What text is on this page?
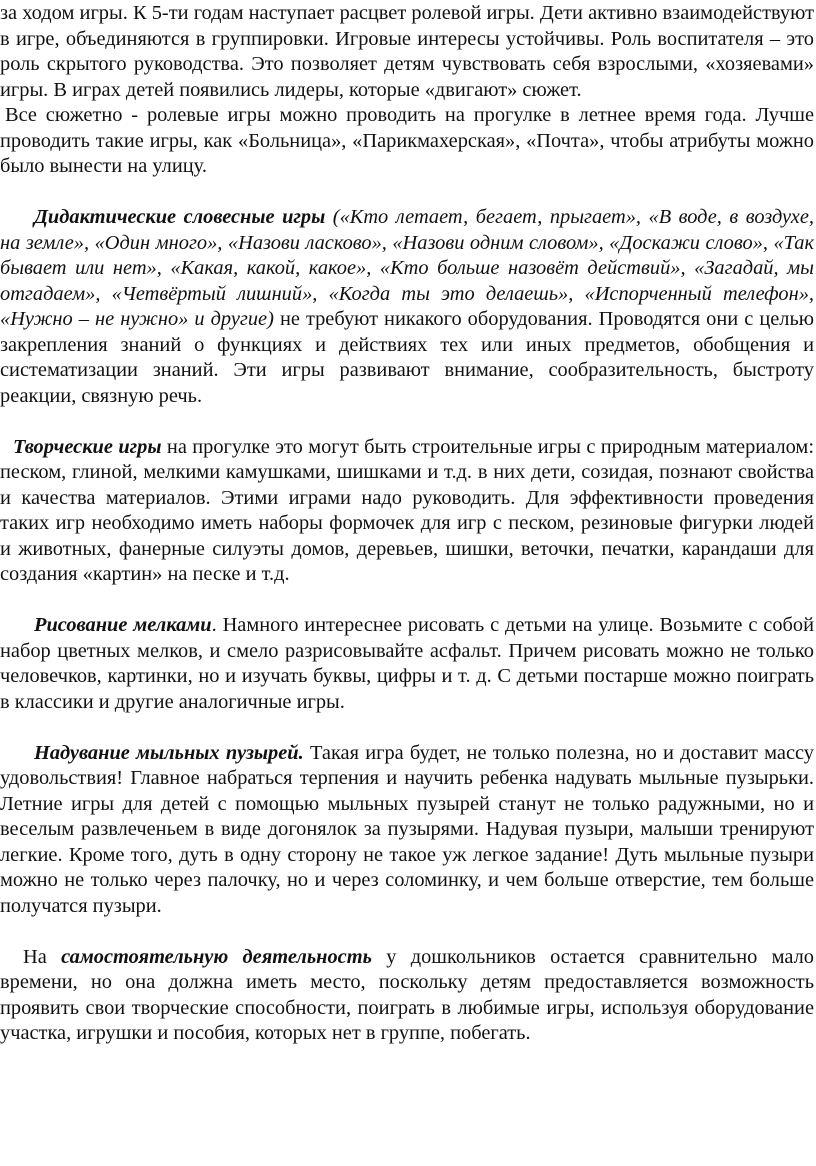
за ходом игры. К 5-ти годам наступает расцвет ролевой игры. Дети активно взаимодействуют в игре, объединяются в группировки. Игровые интересы устойчивы. Роль воспитателя – это роль скрытого руководства. Это позволяет детям чувствовать себя взрослыми, «хозяевами» игры. В играх детей появились лидеры, которые «двигают» сюжет.

Все сюжетно - ролевые игры можно проводить на прогулке в летнее время года. Лучше проводить такие игры, как «Больница», «Парикмахерская», «Почта», чтобы атрибуты можно было вынести на улицу.

Дидактические словесные игры («Кто летает, бегает, прыгает», «В воде, в воздухе, на земле», «Один много», «Назови ласково», «Назови одним словом», «Доскажи слово», «Так бывает или нет», «Какая, какой, какое», «Кто больше назовёт действий», «Загадай, мы отгадаем», «Четвёртый лишний», «Когда ты это делаешь», «Испорченный телефон», «Нужно – не нужно» и другие) не требуют никакого оборудования. Проводятся они с целью закрепления знаний о функциях и действиях тех или иных предметов, обобщения и систематизации знаний. Эти игры развивают внимание, сообразительность, быстроту реакции, связную речь.

Творческие игры на прогулке это могут быть строительные игры с природным материалом: песком, глиной, мелкими камушками, шишками и т.д. в них дети, созидая, познают свойства и качества материалов. Этими играми надо руководить. Для эффективности проведения таких игр необходимо иметь наборы формочек для игр с песком, резиновые фигурки людей и животных, фанерные силуэты домов, деревьев, шишки, веточки, печатки, карандаши для создания «картин» на песке и т.д.

Рисование мелками. Намного интереснее рисовать с детьми на улице. Возьмите с собой набор цветных мелков, и смело разрисовывайте асфальт. Причем рисовать можно не только человечков, картинки, но и изучать буквы, цифры и т. д. С детьми постарше можно поиграть в классики и другие аналогичные игры.

Надувание мыльных пузырей. Такая игра будет, не только полезна, но и доставит массу удовольствия! Главное набраться терпения и научить ребенка надувать мыльные пузырьки. Летние игры для детей с помощью мыльных пузырей станут не только радужными, но и веселым развлеченьем в виде догонялок за пузырями. Надувая пузыри, малыши тренируют легкие. Кроме того, дуть в одну сторону не такое уж легкое задание! Дуть мыльные пузыри можно не только через палочку, но и через соломинку, и чем больше отверстие, тем больше получатся пузыри.

На самостоятельную деятельность у дошкольников остается сравнительно мало времени, но она должна иметь место, поскольку детям предоставляется возможность проявить свои творческие способности, поиграть в любимые игры, используя оборудование участка, игрушки и пособия, которых нет в группе, побегать.
